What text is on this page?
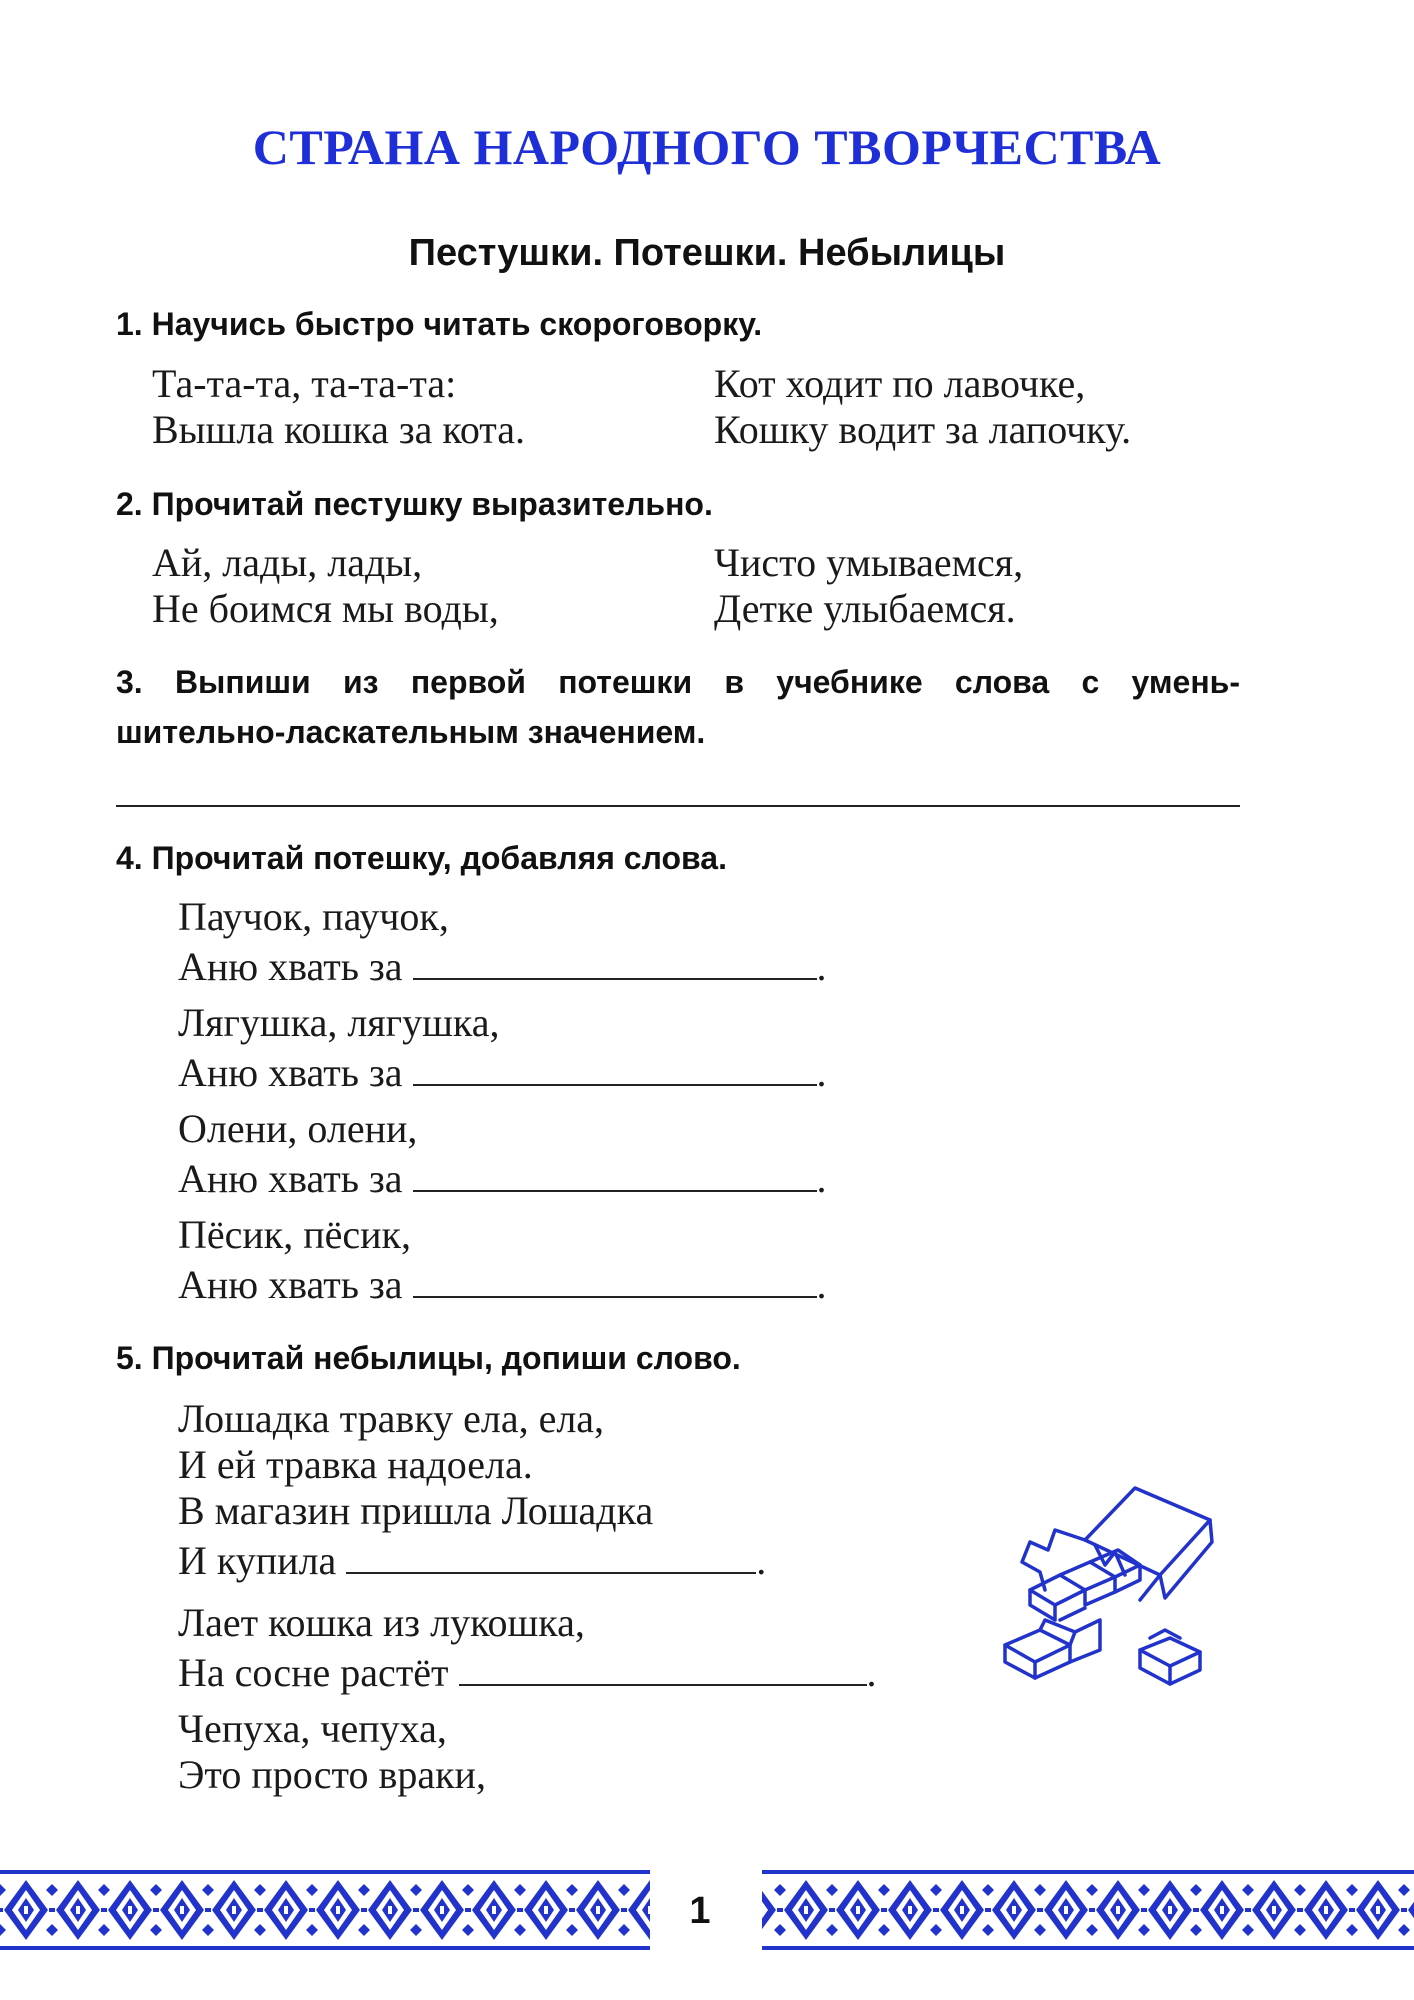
СТРАНА НАРОДНОГО ТВОРЧЕСТВА
Пестушки. Потешки. Небылицы
1. Научись быстро читать скороговорку.
Та-та-та, та-та-та:
Вышла кошка за кота.
Кот ходит по лавочке,
Кошку водит за лапочку.
2. Прочитай пестушку выразительно.
Ай, лады, лады,
Не боимся мы воды,
Чисто умываемся,
Детке улыбаемся.
3. Выпиши из первой потешки в учебнике слова с умень-
шительно-ласкательным значением.
4. Прочитай потешку, добавляя слова.
Паучок, паучок,
Аню хвать за	.
Лягушка, лягушка,
Аню хвать за	.
Олени, олени,
Аню хвать за	.
Пёсик, пёсик,
Аню хвать за	.
5. Прочитай небылицы, допиши слово.
Лошадка травку ела, ела,
И ей травка надоела.
В магазин пришла Лошадка
И купила	.
Лает кошка из лукошка,
На сосне растёт	.
Чепуха, чепуха,
Это просто враки,
1
